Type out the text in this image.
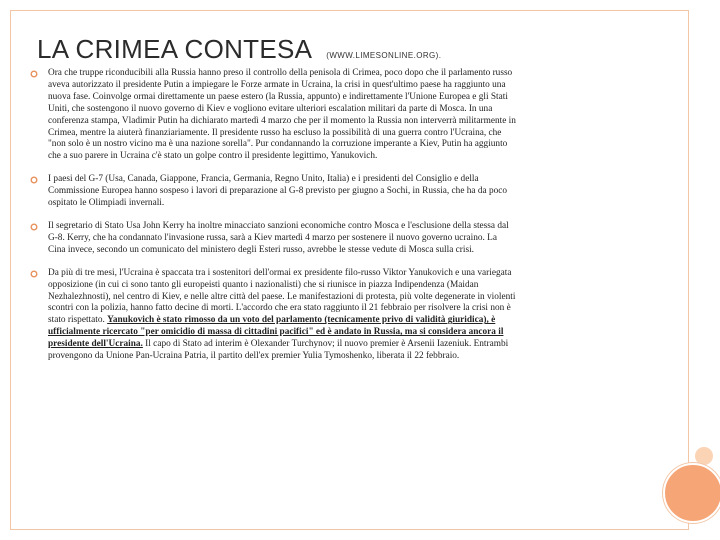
LA CRIMEA CONTESA (WWW.LIMESONLINE.ORG).
Ora che truppe riconducibili alla Russia hanno preso il controllo della penisola di Crimea, poco dopo che il parlamento russo aveva autorizzato il presidente Putin a impiegare le Forze armate in Ucraina, la crisi in quest'ultimo paese ha raggiunto una nuova fase. Coinvolge ormai direttamente un paese estero (la Russia, appunto) e indirettamente l'Unione Europea e gli Stati Uniti, che sostengono il nuovo governo di Kiev e vogliono evitare ulteriori escalation militari da parte di Mosca. In una conferenza stampa, Vladimir Putin ha dichiarato martedì 4 marzo che per il momento la Russia non interverrà militarmente in Crimea, mentre la aiuterà finanziariamente. Il presidente russo ha escluso la possibilità di una guerra contro l'Ucraina, che "non solo è un nostro vicino ma è una nazione sorella". Pur condannando la corruzione imperante a Kiev, Putin ha aggiunto che a suo parere in Ucraina c'è stato un golpe contro il presidente legittimo, Yanukovich.
I paesi del G-7 (Usa, Canada, Giappone, Francia, Germania, Regno Unito, Italia) e i presidenti del Consiglio e della Commissione Europea hanno sospeso i lavori di preparazione al G-8 previsto per giugno a Sochi, in Russia, che ha da poco ospitato le Olimpiadi invernali.
Il segretario di Stato Usa John Kerry ha inoltre minacciato sanzioni economiche contro Mosca e l'esclusione della stessa dal G-8. Kerry, che ha condannato l'invasione russa, sarà a Kiev martedì 4 marzo per sostenere il nuovo governo ucraino. La Cina invece, secondo un comunicato del ministero degli Esteri russo, avrebbe le stesse vedute di Mosca sulla crisi.
Da più di tre mesi, l'Ucraina è spaccata tra i sostenitori dell'ormai ex presidente filo-russo Viktor Yanukovich e una variegata opposizione (in cui ci sono tanto gli europeisti quanto i nazionalisti) che si riunisce in piazza Indipendenza (Maidan Nezhalezhnosti), nel centro di Kiev, e nelle altre città del paese. Le manifestazioni di protesta, più volte degenerate in violenti scontri con la polizia, hanno fatto decine di morti. L'accordo che era stato raggiunto il 21 febbraio per risolvere la crisi non è stato rispettato. Yanukovich è stato rimosso da un voto del parlamento (tecnicamente privo di validità giuridica), è ufficialmente ricercato "per omicidio di massa di cittadini pacifici" ed è andato in Russia, ma si considera ancora il presidente dell'Ucraina. Il capo di Stato ad interim è Olexander Turchynov; il nuovo premier è Arsenii Iazeniuk. Entrambi provengono da Unione Pan-Ucraina Patria, il partito dell'ex premier Yulia Tymoshenko, liberata il 22 febbraio.
